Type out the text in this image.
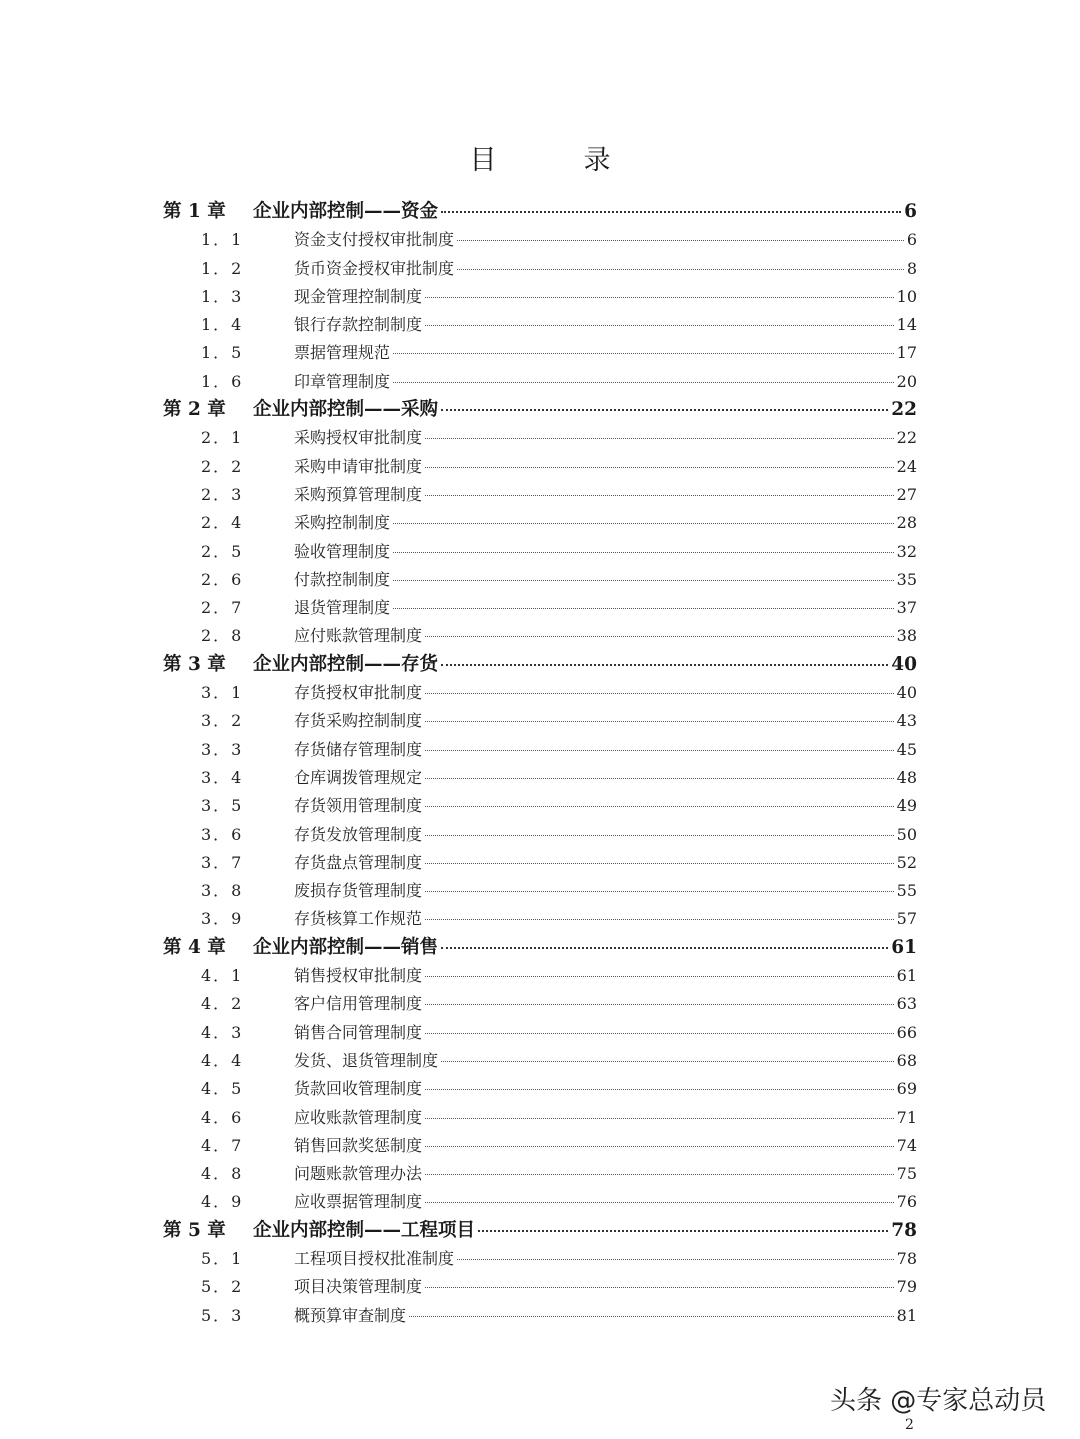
目　录
第 1 章	企业内部控制——资金	6
1．1	资金支付授权审批制度	6
1．2	货币资金授权审批制度	8
1．3	现金管理控制制度	10
1．4	银行存款控制制度	14
1．5	票据管理规范	17
1．6	印章管理制度	20
第 2 章	企业内部控制——采购	22
2．1	采购授权审批制度	22
2．2	采购申请审批制度	24
2．3	采购预算管理制度	27
2．4	采购控制制度	28
2．5	验收管理制度	32
2．6	付款控制制度	35
2．7	退货管理制度	37
2．8	应付账款管理制度	38
第 3 章	企业内部控制——存货	40
3．1	存货授权审批制度	40
3．2	存货采购控制制度	43
3．3	存货储存管理制度	45
3．4	仓库调拨管理规定	48
3．5	存货领用管理制度	49
3．6	存货发放管理制度	50
3．7	存货盘点管理制度	52
3．8	废损存货管理制度	55
3．9	存货核算工作规范	57
第 4 章	企业内部控制——销售	61
4．1	销售授权审批制度	61
4．2	客户信用管理制度	63
4．3	销售合同管理制度	66
4．4	发货、退货管理制度	68
4．5	货款回收管理制度	69
4．6	应收账款管理制度	71
4．7	销售回款奖惩制度	74
4．8	问题账款管理办法	75
4．9	应收票据管理制度	76
第 5 章	企业内部控制——工程项目	78
5．1	工程项目授权批准制度	78
5．2	项目决策管理制度	79
5．3	概预算审查制度	81
头条 @专家总动员
2
